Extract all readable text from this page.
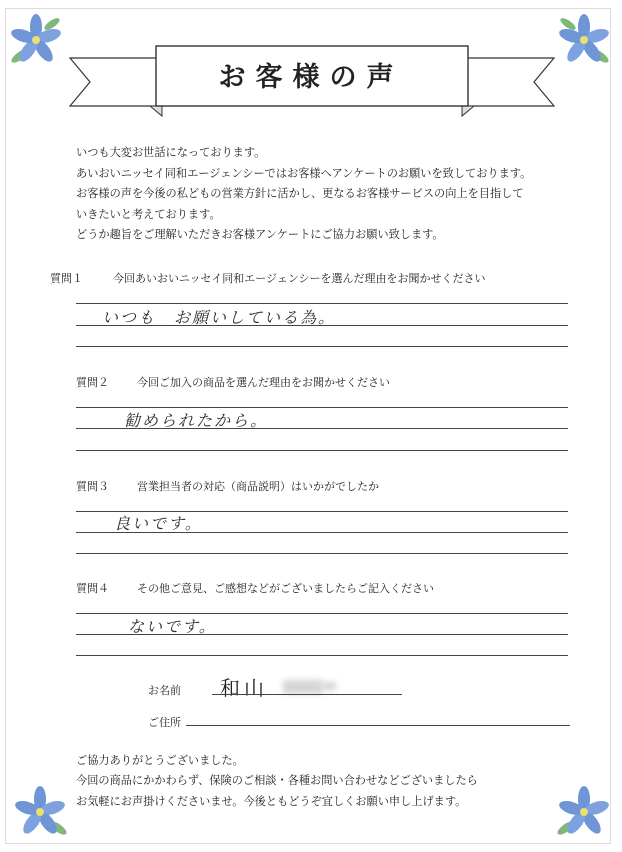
お客様の声
いつも大変お世話になっております。
あいおいニッセイ同和エージェンシーではお客様へアンケートのお願いを致しております。
お客様の声を今後の私どもの営業方針に活かし、更なるお客様サービスの向上を目指して
いきたいと考えております。
どうか趣旨をご理解いただきお客様アンケートにご協力お願い致します。
質問１	今回あいおいニッセイ同和エージェンシーを選んだ理由をお聞かせください
いつも　お願いしている為。
質問２	今回ご加入の商品を選んだ理由をお聞かせください
勧められたから。
質問３	営業担当者の対応（商品説明）はいかがでしたか
良いです。
質問４	その他ご意見、ご感想などがございましたらご記入ください
ないです。
お名前 和山
ご住所
ご協力ありがとうございました。
今回の商品にかかわらず、保険のご相談・各種お問い合わせなどございましたら
お気軽にお声掛けくださいませ。今後ともどうぞ宜しくお願い申し上げます。
